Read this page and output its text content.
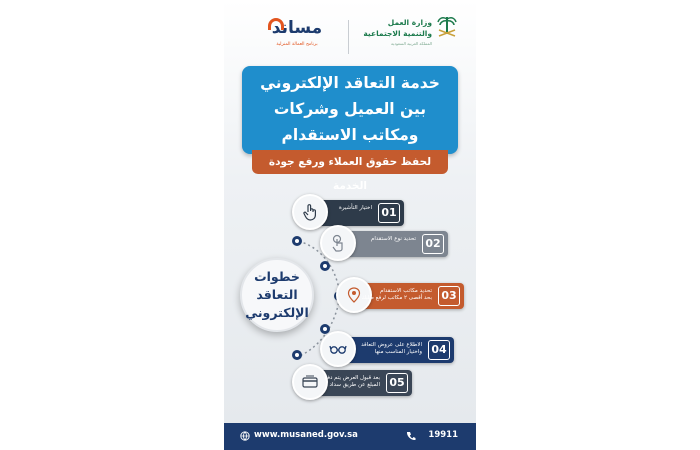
مساند
برنامج العمالة المنزلية
وزارة العمل
والتنمية الاجتماعية
المملكة العربية السعودية
خدمة التعاقد الإلكتروني
بين العميل وشركات
ومكاتب الاستقدام
لحفظ حقوق العملاء ورفع جودة الخدمة
خطوات
التعاقد
الإلكتروني
01
اختيار التأشيرة
02
تحديد نوع الاستقدام
03
تحديد مكاتب الاستقدام
بحد أقصى ٢ مكاتب لرفع طلبك
04
الاطلاع على عروض التعاقد
واختيار المناسب منها
05
بعد قبول العرض يتم دفع
المبلغ عن طريق سداد
www.musaned.gov.sa	19911
